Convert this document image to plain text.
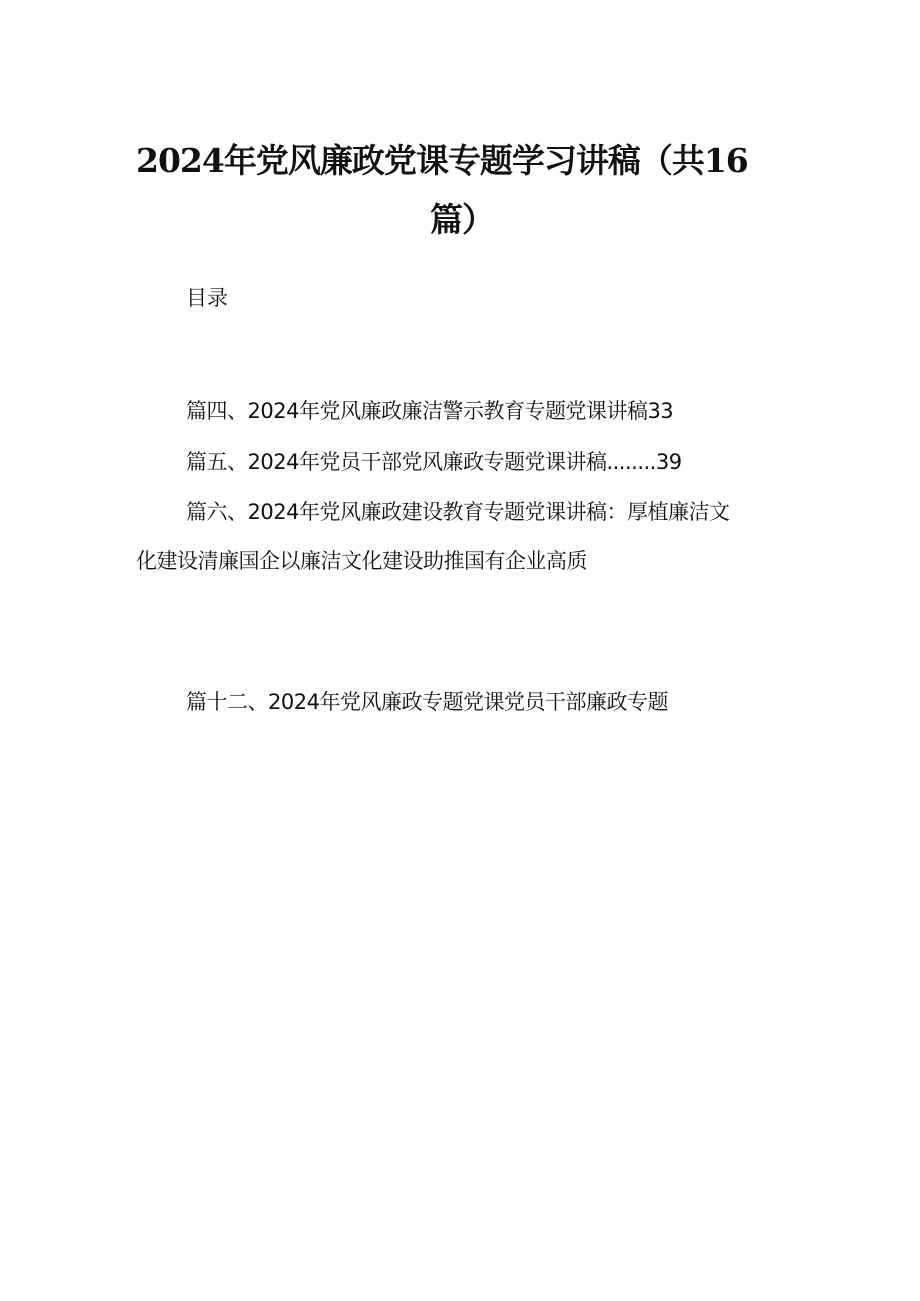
2024年党风廉政党课专题学习讲稿（共16
篇）
目录
篇四、2024年党风廉政廉洁警示教育专题党课讲稿33
篇五、2024年党员干部党风廉政专题党课讲稿........39
篇六、2024年党风廉政建设教育专题党课讲稿：厚植廉洁文
化建设清廉国企以廉洁文化建设助推国有企业高质
篇十二、2024年党风廉政专题党课党员干部廉政专题
